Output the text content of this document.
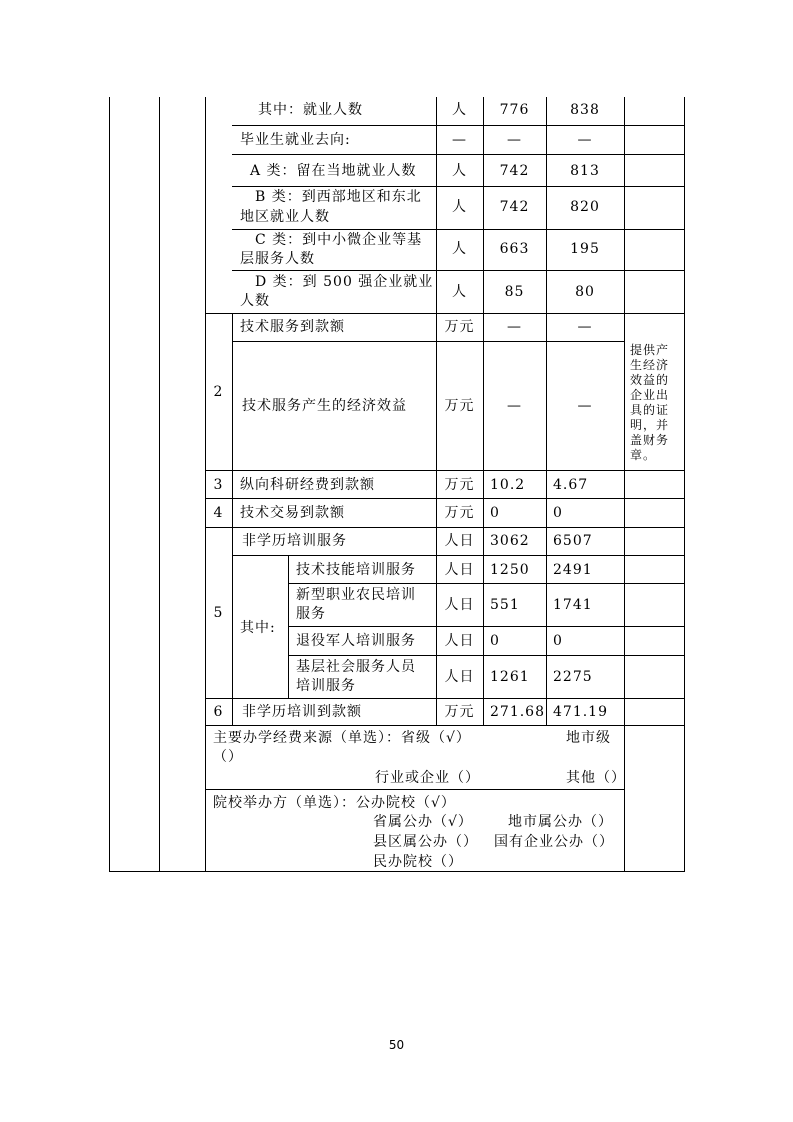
其中：就业人数	人	776	838
毕业生就业去向:	—	—	—
A 类：留在当地就业人数	人	742	813
B 类：到西部地区和东北
地区就业人数
人	742	820
C 类：到中小微企业等基
层服务人数
人	663	195
D 类：到 500 强企业就业
人数
人	85	80
2
技术服务到款额	万元	—	—
技术服务产生的经济效益	万元	—	—
提供产生经济效益的企业出具的证明，并盖财务章。
3	纵向科研经费到款额	万元	10.2 4.67
4	技术交易到款额	万元	0	0
5
非学历培训服务	人日	3062 6507
其中:
技术技能培训服务	人日	1250 2491
新型职业农民培训
服务
人日	551 1741
退役军人培训服务	人日	0	0
基层社会服务人员
培训服务
人日	1261 2275
6	非学历培训到款额	万元	271.68 471.19
主要办学经费来源（单选）：省级（√）	地市级
（）
行业或企业（）	其他（）
院校举办方（单选）：公办院校（√）
省属公办（√）	地市属公办（）
县区属公办（） 国有企业公办（）
民办院校（）
50
